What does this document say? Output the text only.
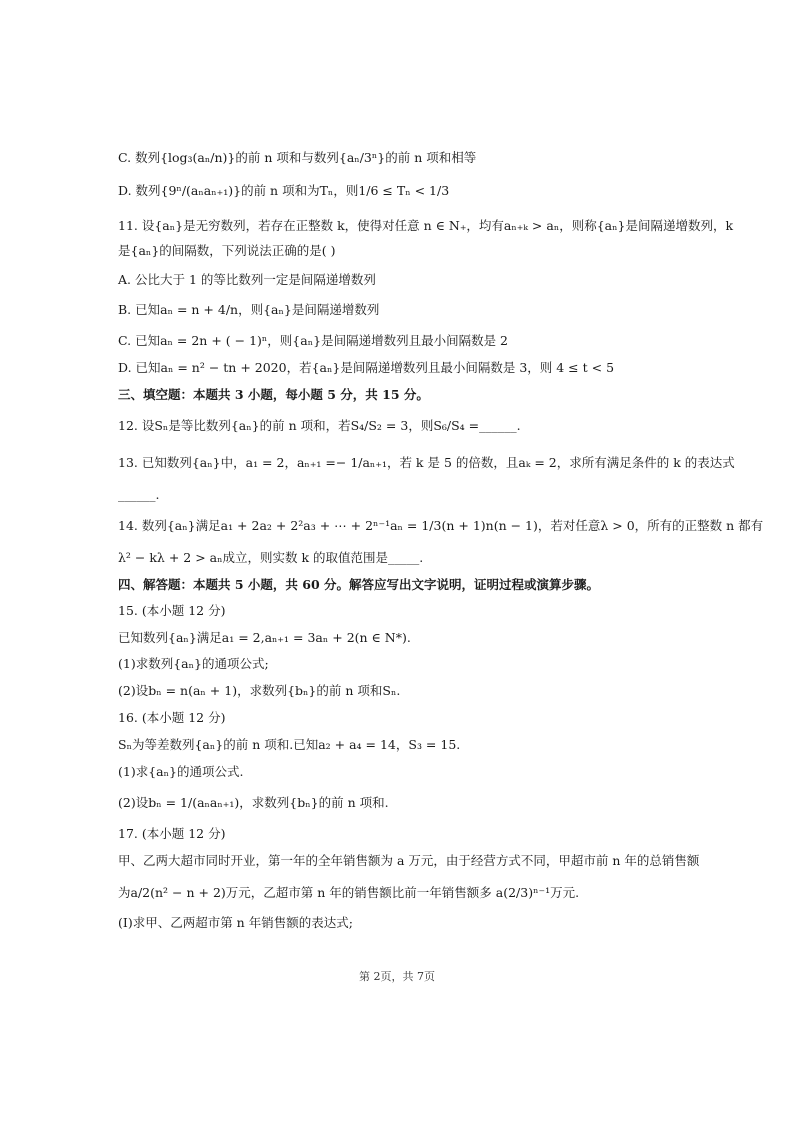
C. 数列{log₃(aₙ/n)}的前 n 项和与数列{aₙ/3ⁿ}的前 n 项和相等
D. 数列{9ⁿ/(aₙaₙ₊₁)}的前 n 项和为Tₙ，则1/6 ≤ Tₙ < 1/3
11. 设{aₙ}是无穷数列，若存在正整数 k，使得对任意 n ∈ N₊，均有aₙ₊ₖ > aₙ，则称{aₙ}是间隔递增数列，k
是{aₙ}的间隔数，下列说法正确的是( )
A. 公比大于 1 的等比数列一定是间隔递增数列
B. 已知aₙ = n + 4/n，则{aₙ}是间隔递增数列
C. 已知aₙ = 2n + ( − 1)ⁿ，则{aₙ}是间隔递增数列且最小间隔数是 2
D. 已知aₙ = n² − tn + 2020，若{aₙ}是间隔递增数列且最小间隔数是 3，则 4 ≤ t < 5
三、填空题：本题共 3 小题，每小题 5 分，共 15 分。
12. 设Sₙ是等比数列{aₙ}的前 n 项和，若S₄/S₂ = 3，则S₆/S₄ =______.
13. 已知数列{aₙ}中，a₁ = 2，aₙ₊₁ =− 1/aₙ₊₁，若 k 是 5 的倍数，且aₖ = 2，求所有满足条件的 k 的表达式
______.
14. 数列{aₙ}满足a₁ + 2a₂ + 2²a₃ + ⋯ + 2ⁿ⁻¹aₙ = 1/3(n + 1)n(n − 1)，若对任意λ > 0，所有的正整数 n 都有
λ² − kλ + 2 > aₙ成立，则实数 k 的取值范围是_____.
四、解答题：本题共 5 小题，共 60 分。解答应写出文字说明，证明过程或演算步骤。
15. (本小题 12 分)
已知数列{aₙ}满足a₁ = 2,aₙ₊₁ = 3aₙ + 2(n ∈ N*).
(1)求数列{aₙ}的通项公式;
(2)设bₙ = n(aₙ + 1)，求数列{bₙ}的前 n 项和Sₙ.
16. (本小题 12 分)
Sₙ为等差数列{aₙ}的前 n 项和.已知a₂ + a₄ = 14，S₃ = 15.
(1)求{aₙ}的通项公式.
(2)设bₙ = 1/(aₙaₙ₊₁)，求数列{bₙ}的前 n 项和.
17. (本小题 12 分)
甲、乙两大超市同时开业，第一年的全年销售额为 a 万元，由于经营方式不同，甲超市前 n 年的总销售额
为a/2(n² − n + 2)万元，乙超市第 n 年的销售额比前一年销售额多 a(2/3)ⁿ⁻¹万元.
(Ⅰ)求甲、乙两超市第 n 年销售额的表达式;
第 2页，共 7页
